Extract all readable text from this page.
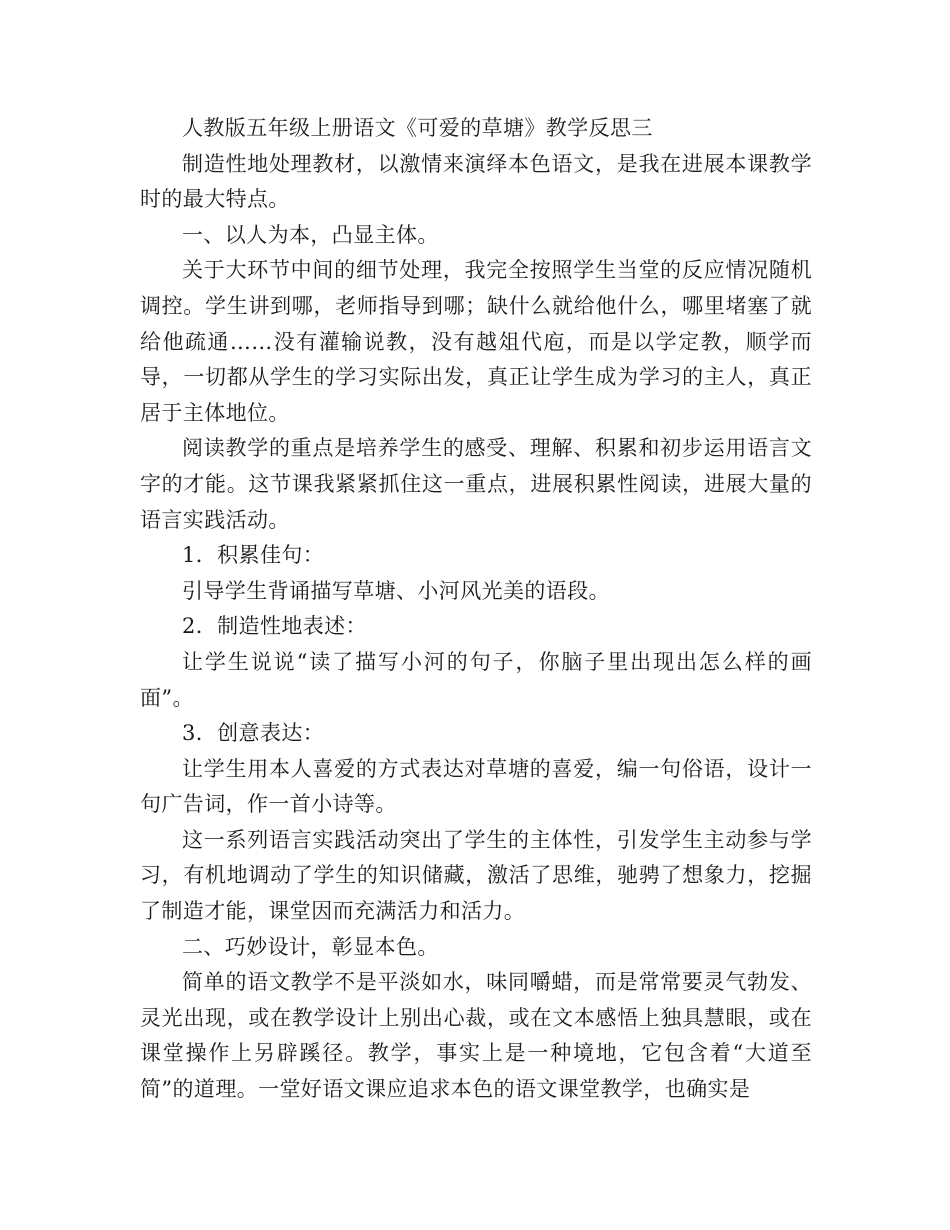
人教版五年级上册语文《可爱的草塘》教学反思三

制造性地处理教材，以激情来演绎本色语文，是我在进展本课教学时的最大特点。

一、以人为本，凸显主体。

关于大环节中间的细节处理，我完全按照学生当堂的反应情况随机调控。学生讲到哪，老师指导到哪；缺什么就给他什么，哪里堵塞了就给他疏通……没有灌输说教，没有越俎代庖，而是以学定教，顺学而导，一切都从学生的学习实际出发，真正让学生成为学习的主人，真正居于主体地位。

阅读教学的重点是培养学生的感受、理解、积累和初步运用语言文字的才能。这节课我紧紧抓住这一重点，进展积累性阅读，进展大量的语言实践活动。

1．积累佳句：

引导学生背诵描写草塘、小河风光美的语段。

2．制造性地表述：

让学生说说“读了描写小河的句子，你脑子里出现出怎么样的画面”。

3．创意表达：

让学生用本人喜爱的方式表达对草塘的喜爱，编一句俗语，设计一句广告词，作一首小诗等。

这一系列语言实践活动突出了学生的主体性，引发学生主动参与学习，有机地调动了学生的知识储藏，激活了思维，驰骋了想象力，挖掘了制造才能，课堂因而充满活力和活力。

二、巧妙设计，彰显本色。

简单的语文教学不是平淡如水，味同嚼蜡，而是常常要灵气勃发、灵光出现，或在教学设计上别出心裁，或在文本感悟上独具慧眼，或在课堂操作上另辟蹊径。教学，事实上是一种境地，它包含着“大道至简”的道理。一堂好语文课应追求本色的语文课堂教学，也确实是
